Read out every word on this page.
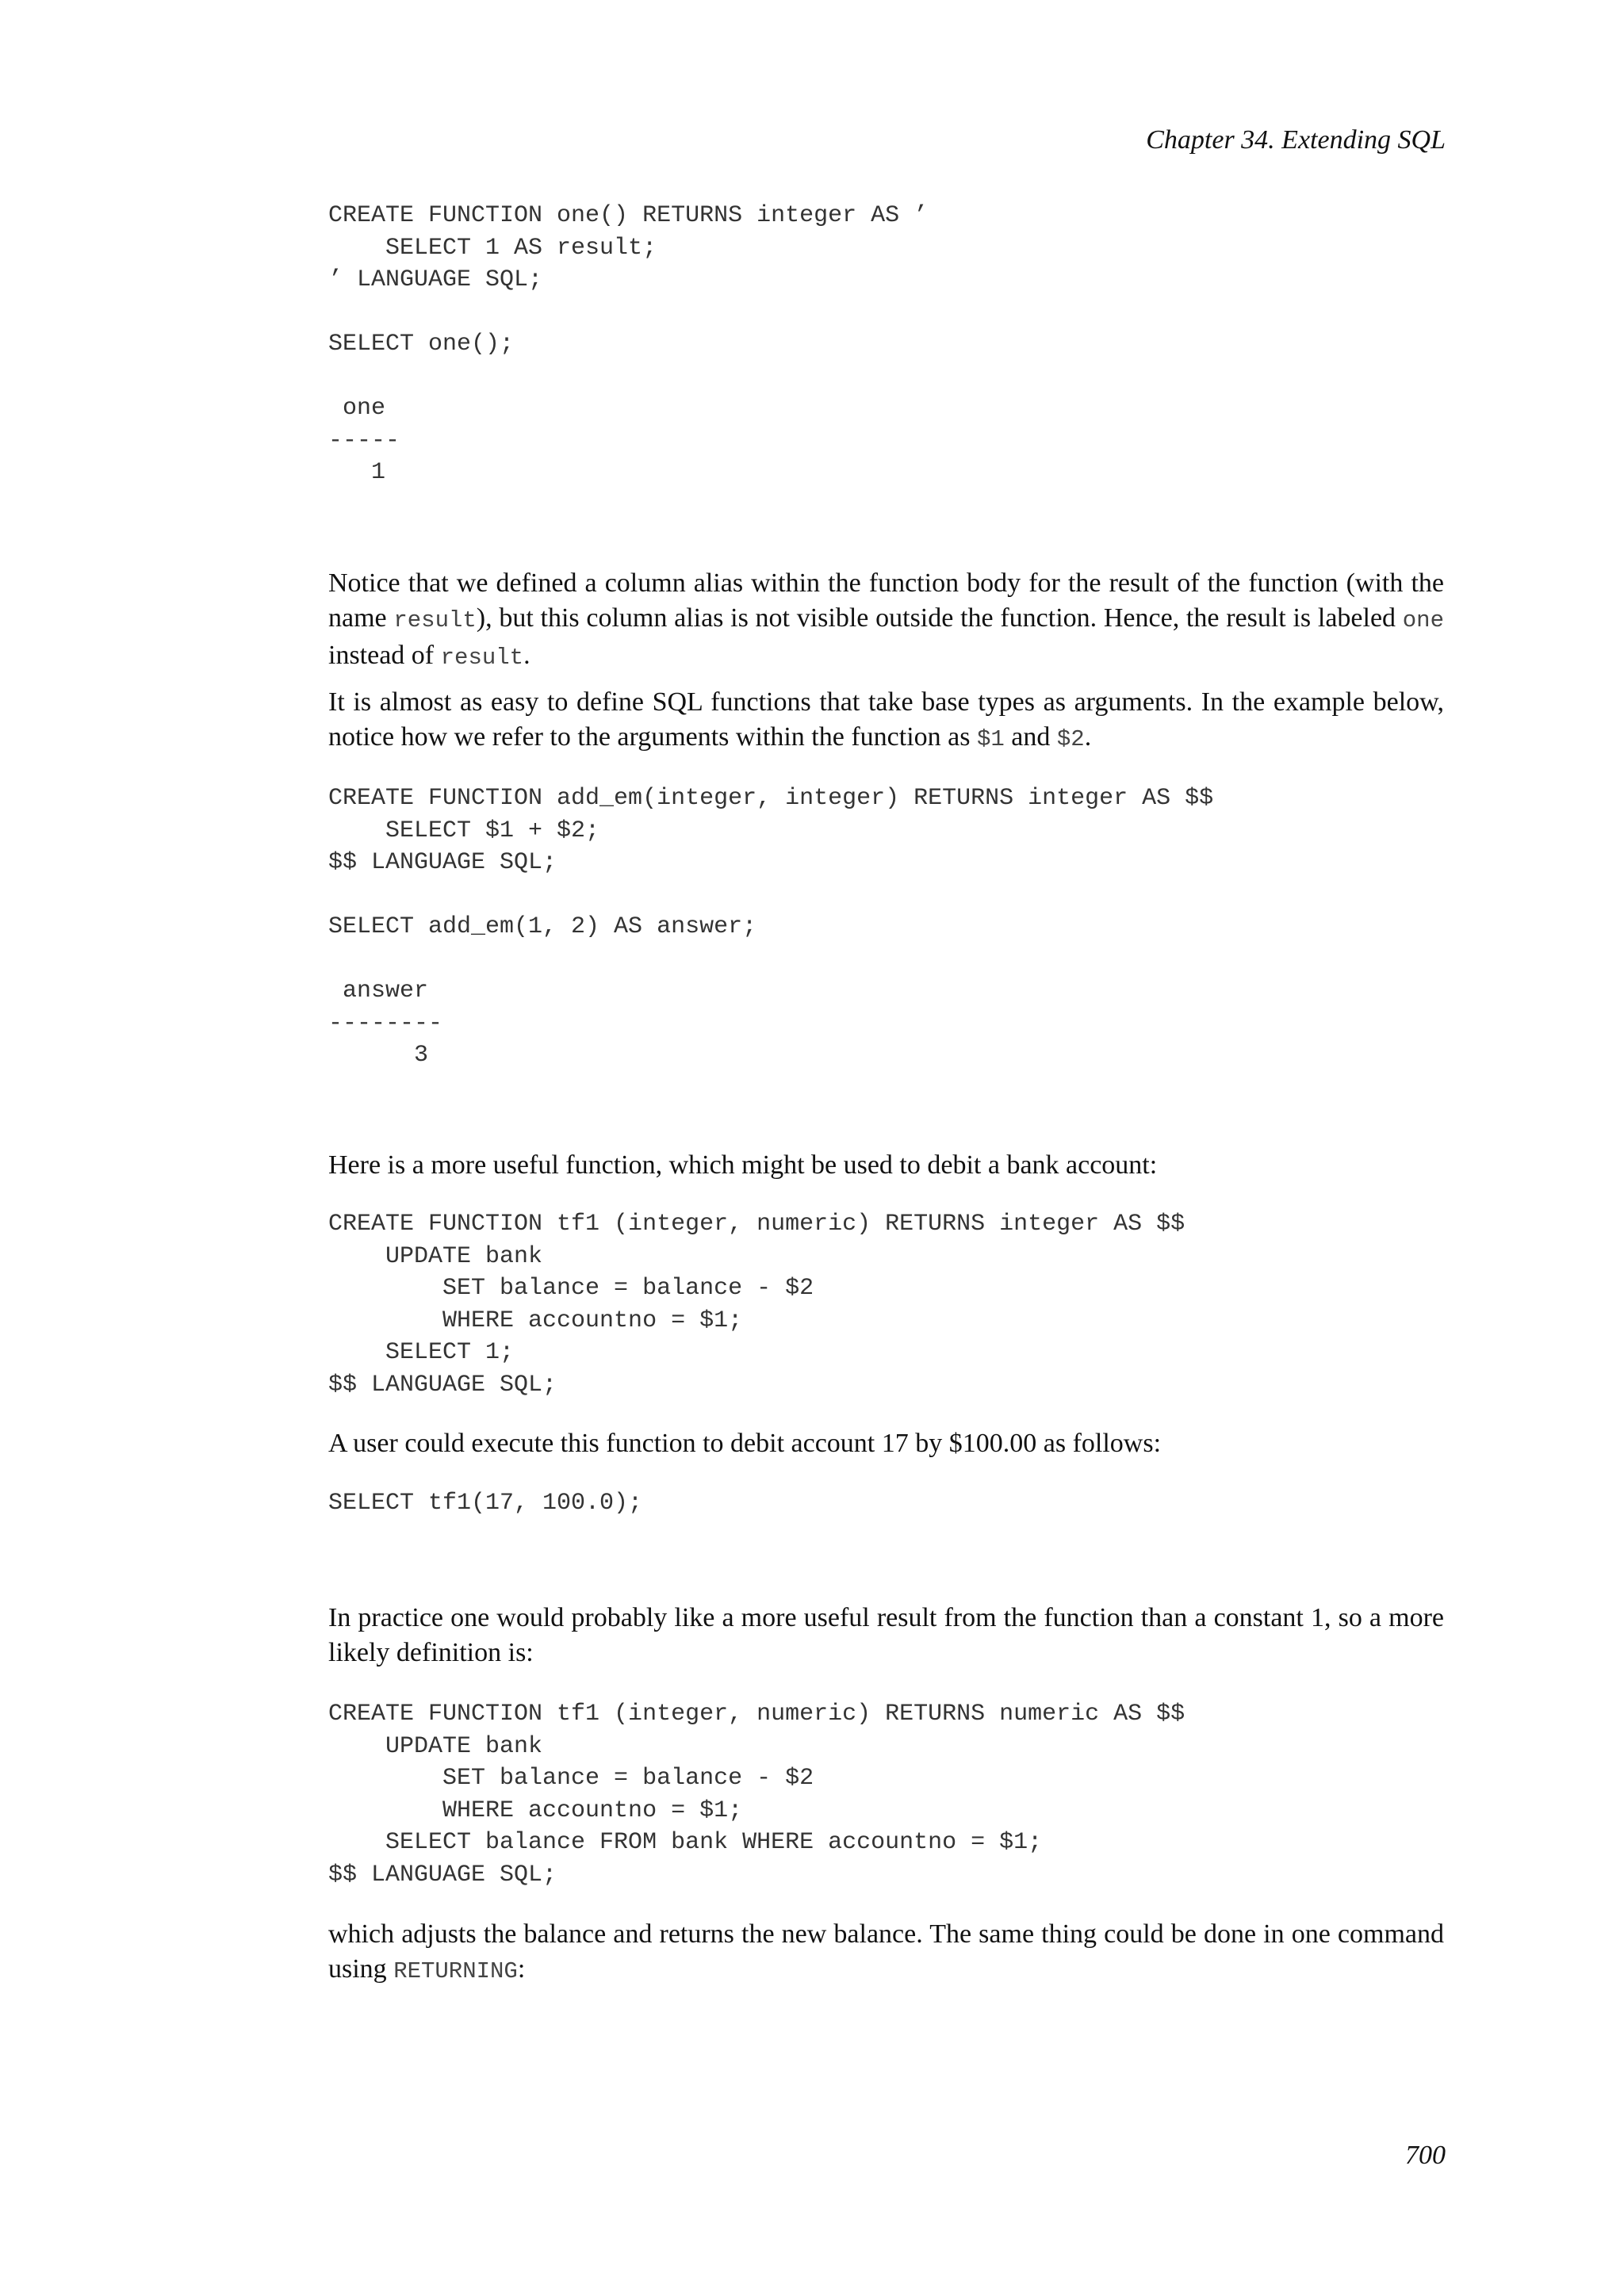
Chapter 34. Extending SQL
CREATE FUNCTION one() RETURNS integer AS ’
SELECT 1 AS result;
’ LANGUAGE SQL;

SELECT one();

one
-----
1

Notice that we defined a column alias within the function body for the result of the function (with the name result), but this column alias is not visible outside the function. Hence, the result is labeled one instead of result.

It is almost as easy to define SQL functions that take base types as arguments. In the example below, notice how we refer to the arguments within the function as $1 and $2.

CREATE FUNCTION add_em(integer, integer) RETURNS integer AS $$
SELECT $1 + $2;
$$ LANGUAGE SQL;

SELECT add_em(1, 2) AS answer;

answer
--------
3

Here is a more useful function, which might be used to debit a bank account:

CREATE FUNCTION tf1 (integer, numeric) RETURNS integer AS $$
UPDATE bank
SET balance = balance - $2
WHERE accountno = $1;
SELECT 1;
$$ LANGUAGE SQL;

A user could execute this function to debit account 17 by $100.00 as follows:

SELECT tf1(17, 100.0);

In practice one would probably like a more useful result from the function than a constant 1, so a more likely definition is:

CREATE FUNCTION tf1 (integer, numeric) RETURNS numeric AS $$
UPDATE bank
SET balance = balance - $2
WHERE accountno = $1;
SELECT balance FROM bank WHERE accountno = $1;
$$ LANGUAGE SQL;

which adjusts the balance and returns the new balance. The same thing could be done in one command using RETURNING:

700
